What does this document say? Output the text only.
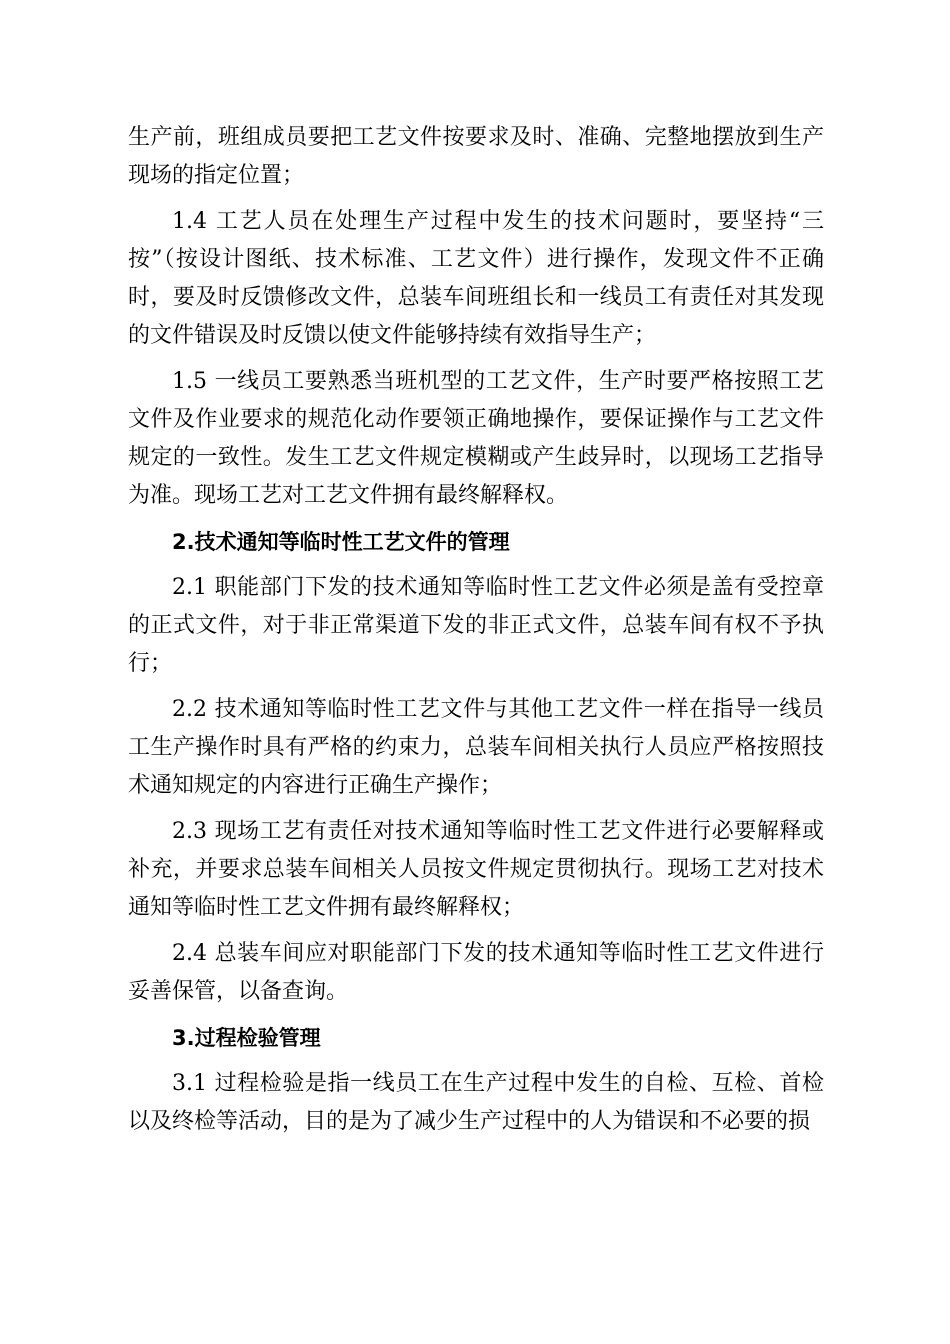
生产前，班组成员要把工艺文件按要求及时、准确、完整地摆放到生产现场的指定位置；

1.4 工艺人员在处理生产过程中发生的技术问题时，要坚持“三按”（按设计图纸、技术标准、工艺文件）进行操作，发现文件不正确时，要及时反馈修改文件，总装车间班组长和一线员工有责任对其发现的文件错误及时反馈以使文件能够持续有效指导生产；

1.5 一线员工要熟悉当班机型的工艺文件，生产时要严格按照工艺文件及作业要求的规范化动作要领正确地操作，要保证操作与工艺文件规定的一致性。发生工艺文件规定模糊或产生歧异时，以现场工艺指导为准。现场工艺对工艺文件拥有最终解释权。

2.技术通知等临时性工艺文件的管理

2.1 职能部门下发的技术通知等临时性工艺文件必须是盖有受控章的正式文件，对于非正常渠道下发的非正式文件，总装车间有权不予执行；

2.2 技术通知等临时性工艺文件与其他工艺文件一样在指导一线员工生产操作时具有严格的约束力，总装车间相关执行人员应严格按照技术通知规定的内容进行正确生产操作；

2.3 现场工艺有责任对技术通知等临时性工艺文件进行必要解释或补充，并要求总装车间相关人员按文件规定贯彻执行。现场工艺对技术通知等临时性工艺文件拥有最终解释权；

2.4 总装车间应对职能部门下发的技术通知等临时性工艺文件进行妥善保管，以备查询。

3.过程检验管理

3.1 过程检验是指一线员工在生产过程中发生的自检、互检、首检以及终检等活动，目的是为了减少生产过程中的人为错误和不必要的损
